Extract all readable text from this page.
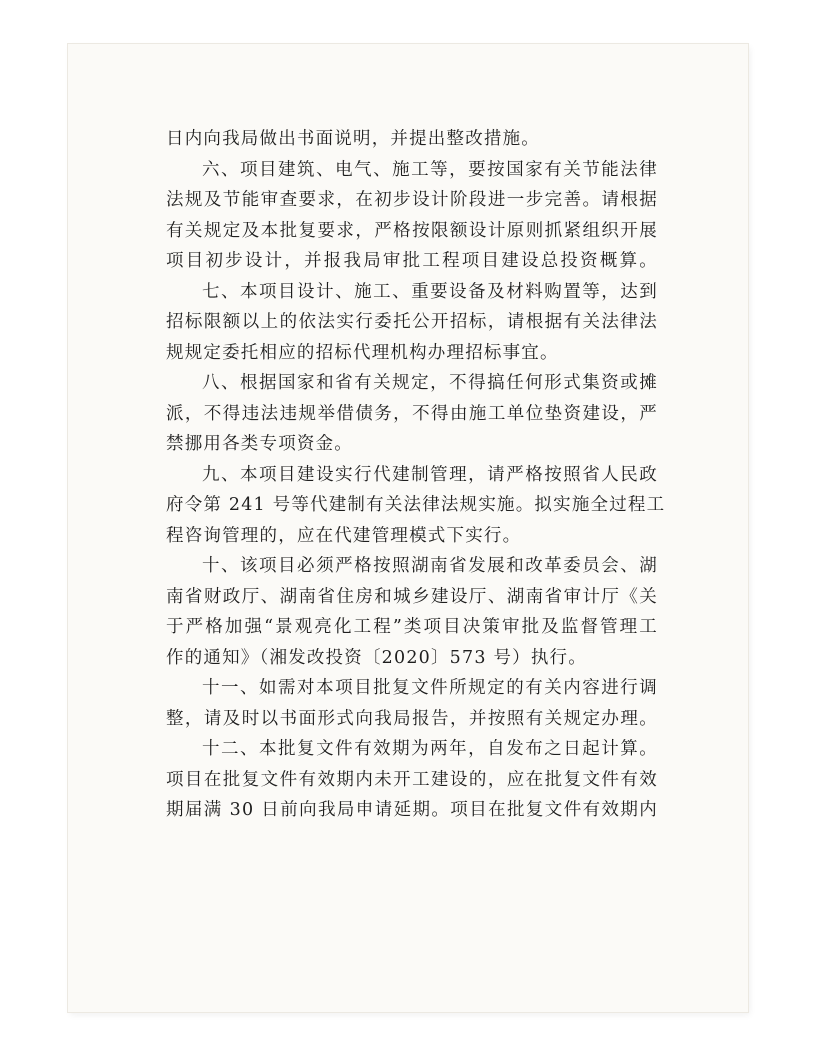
日内向我局做出书面说明，并提出整改措施。
六、项目建筑、电气、施工等，要按国家有关节能法律
法规及节能审查要求，在初步设计阶段进一步完善。请根据
有关规定及本批复要求，严格按限额设计原则抓紧组织开展
项目初步设计，并报我局审批工程项目建设总投资概算。
七、本项目设计、施工、重要设备及材料购置等，达到
招标限额以上的依法实行委托公开招标，请根据有关法律法
规规定委托相应的招标代理机构办理招标事宜。
八、根据国家和省有关规定，不得搞任何形式集资或摊
派，不得违法违规举借债务，不得由施工单位垫资建设，严
禁挪用各类专项资金。
九、本项目建设实行代建制管理，请严格按照省人民政
府令第 241 号等代建制有关法律法规实施。拟实施全过程工
程咨询管理的，应在代建管理模式下实行。
十、该项目必须严格按照湖南省发展和改革委员会、湖
南省财政厅、湖南省住房和城乡建设厅、湖南省审计厅《关
于严格加强“景观亮化工程”类项目决策审批及监督管理工
作的通知》（湘发改投资〔2020〕573 号）执行。
十一、如需对本项目批复文件所规定的有关内容进行调
整，请及时以书面形式向我局报告，并按照有关规定办理。
十二、本批复文件有效期为两年，自发布之日起计算。
项目在批复文件有效期内未开工建设的，应在批复文件有效
期届满 30 日前向我局申请延期。项目在批复文件有效期内
